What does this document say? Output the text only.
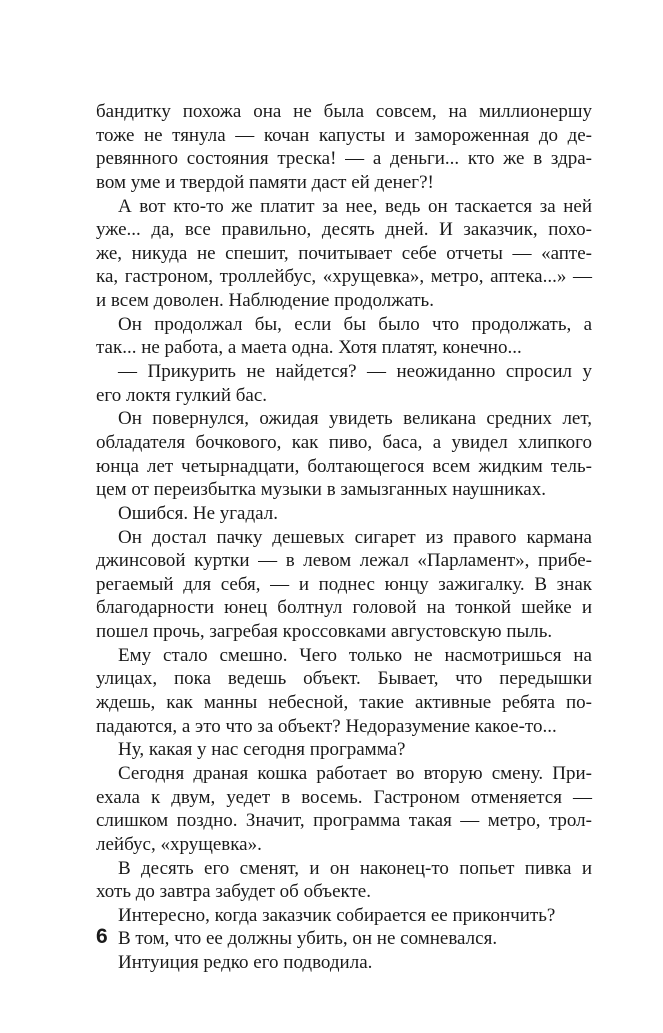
бандитку похожа она не была совсем, на миллионершу
тоже не тянула — кочан капусты и замороженная до де-
ревянного состояния треска! — а деньги... кто же в здра-
вом уме и твердой памяти даст ей денег?!
А вот кто-то же платит за нее, ведь он таскается за ней
уже... да, все правильно, десять дней. И заказчик, похо-
же, никуда не спешит, почитывает себе отчеты — «апте-
ка, гастроном, троллейбус, «хрущевка», метро, аптека...» —
и всем доволен. Наблюдение продолжать.
Он продолжал бы, если бы было что продолжать, а
так... не работа, а маета одна. Хотя платят, конечно...
— Прикурить не найдется? — неожиданно спросил у
его локтя гулкий бас.
Он повернулся, ожидая увидеть великана средних лет,
обладателя бочкового, как пиво, баса, а увидел хлипкого
юнца лет четырнадцати, болтающегося всем жидким тель-
цем от переизбытка музыки в замызганных наушниках.
Ошибся. Не угадал.
Он достал пачку дешевых сигарет из правого кармана
джинсовой куртки — в левом лежал «Парламент», прибе-
регаемый для себя, — и поднес юнцу зажигалку. В знак
благодарности юнец болтнул головой на тонкой шейке и
пошел прочь, загребая кроссовками августовскую пыль.
Ему стало смешно. Чего только не насмотришься на
улицах, пока ведешь объект. Бывает, что передышки
ждешь, как манны небесной, такие активные ребята по-
падаются, а это что за объект? Недоразумение какое-то...
Ну, какая у нас сегодня программа?
Сегодня драная кошка работает во вторую смену. При-
ехала к двум, уедет в восемь. Гастроном отменяется —
слишком поздно. Значит, программа такая — метро, трол-
лейбус, «хрущевка».
В десять его сменят, и он наконец-то попьет пивка и
хоть до завтра забудет об объекте.
Интересно, когда заказчик собирается ее прикончить?
В том, что ее должны убить, он не сомневался.
Интуиция редко его подводила.
6
